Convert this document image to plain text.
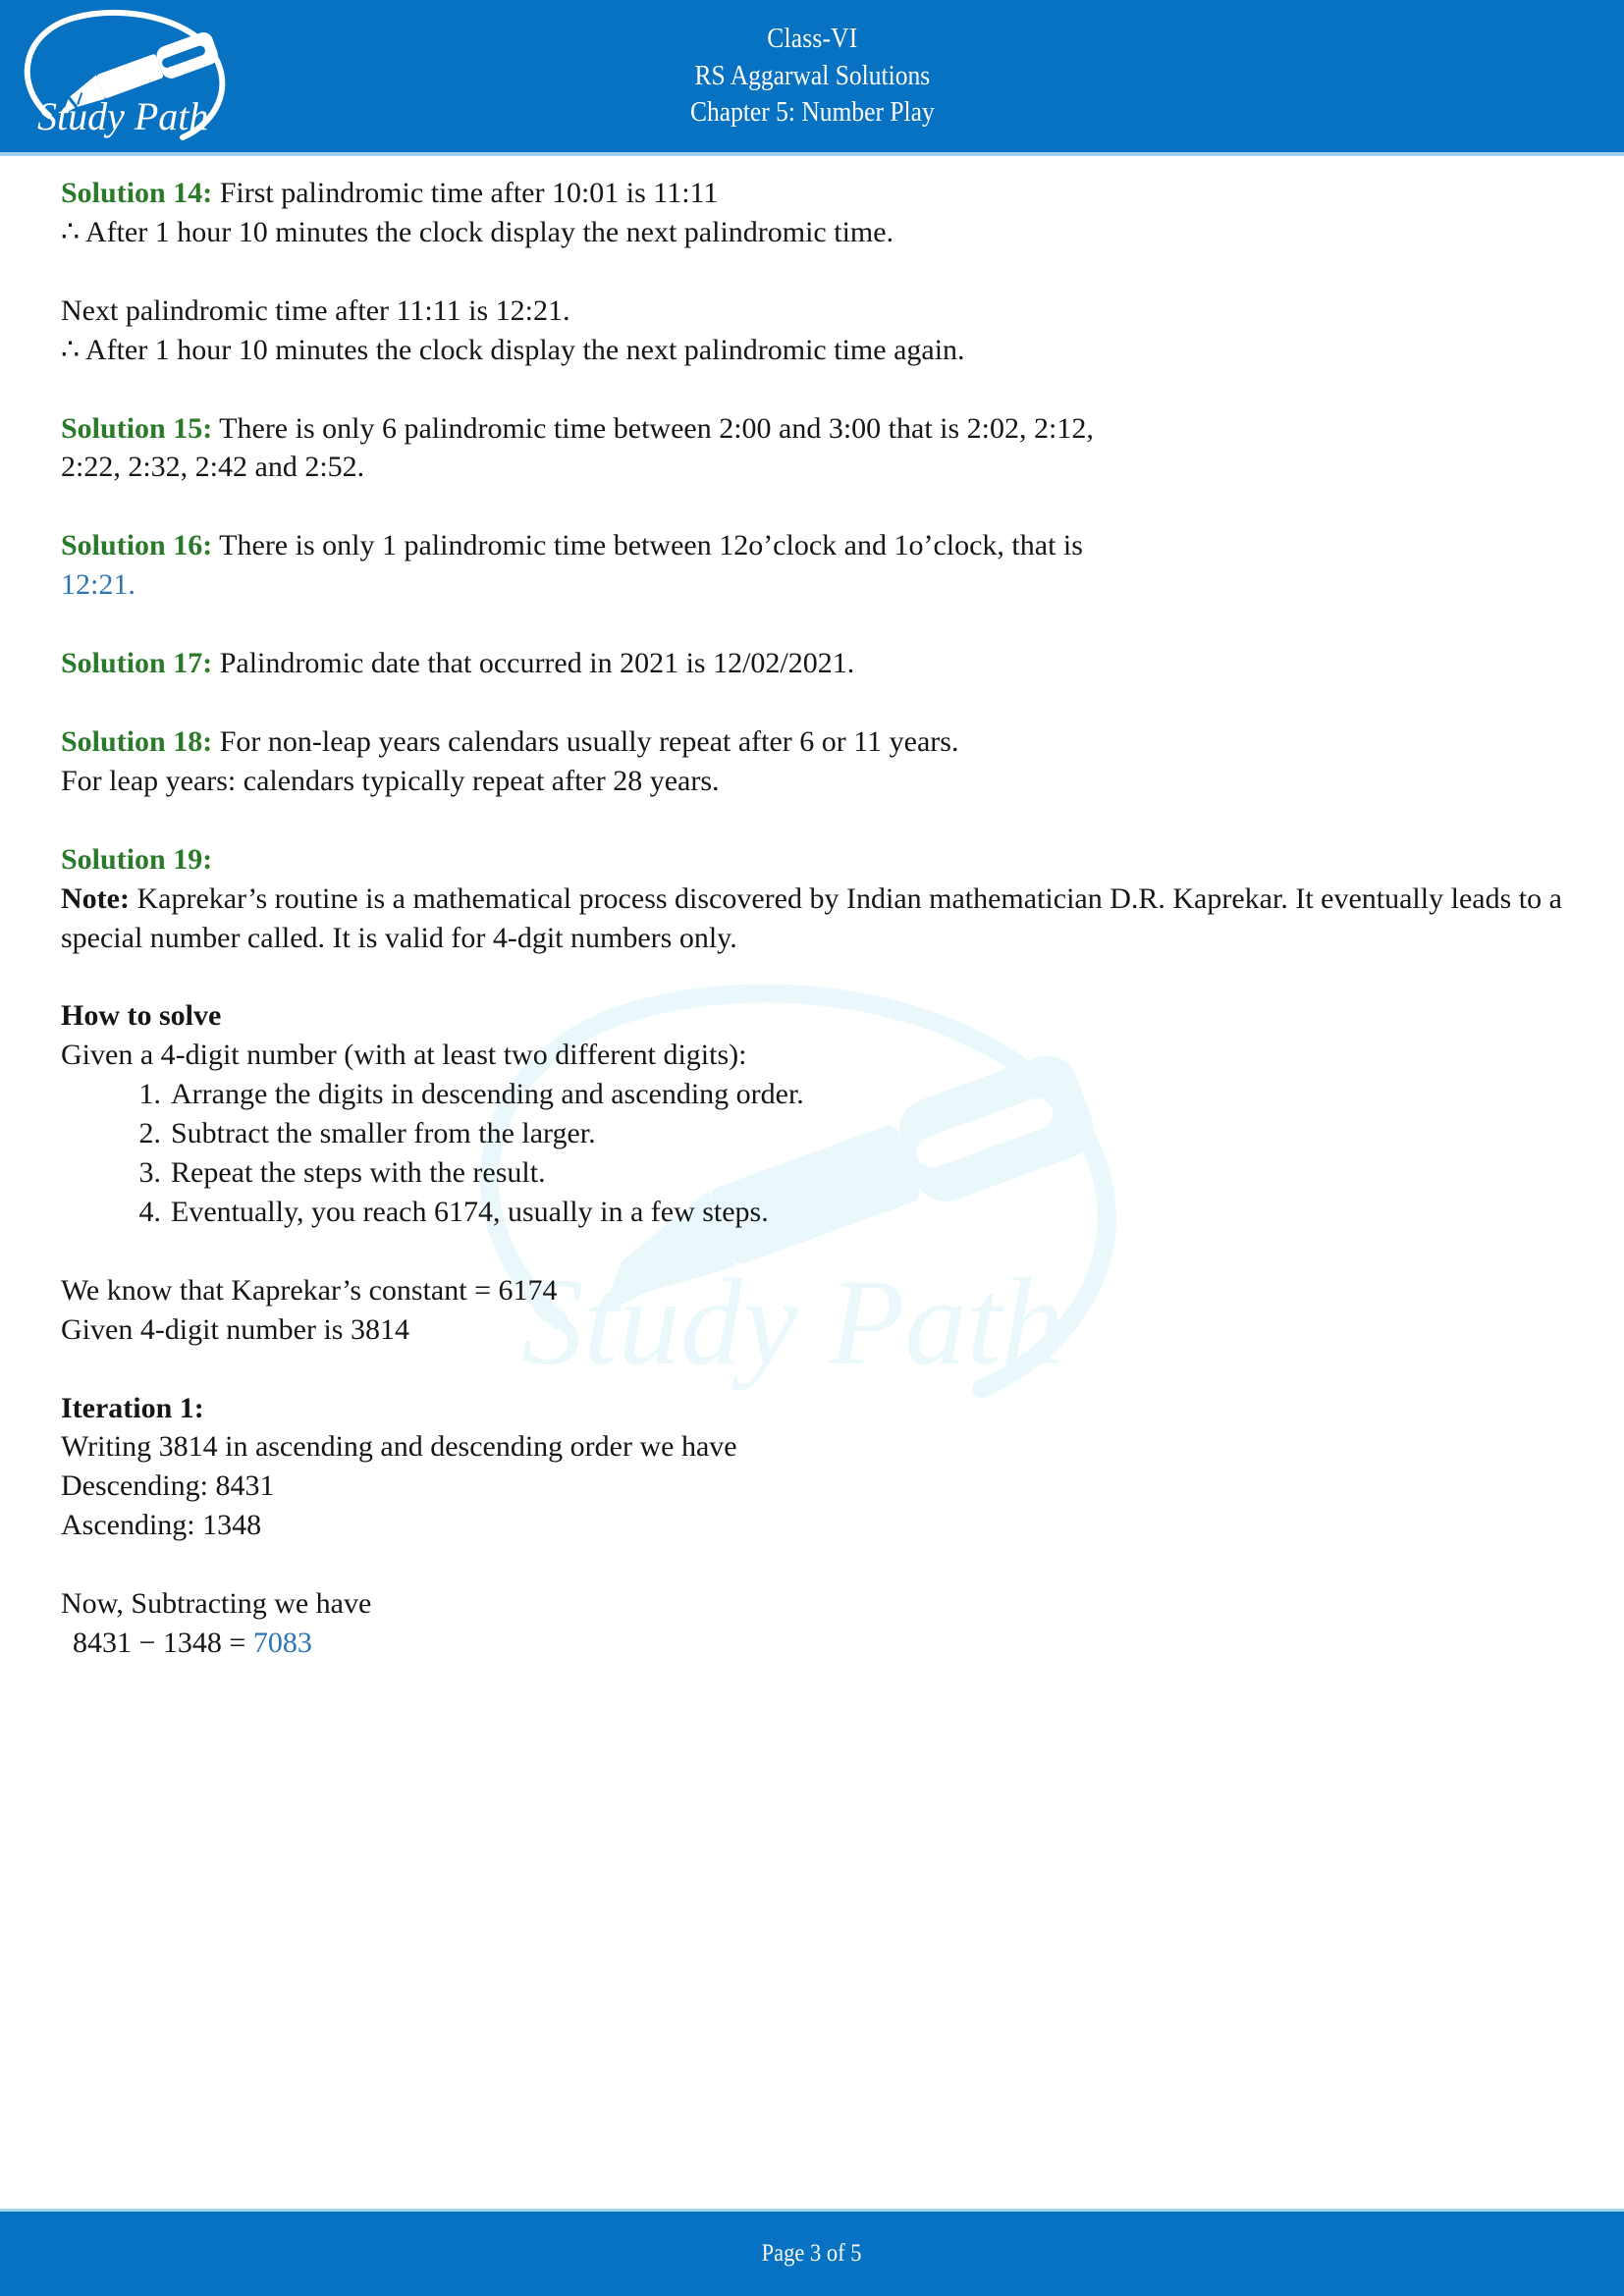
Study Path
Class-VI
RS Aggarwal Solutions
Chapter 5: Number Play
Study Path

Solution 14: First palindromic time after 10:01 is 11:11

∴ After 1 hour 10 minutes the clock display the next palindromic time.

Next palindromic time after 11:11 is 12:21.

∴ After 1 hour 10 minutes the clock display the next palindromic time again.

Solution 15: There is only 6 palindromic time between 2:00 and 3:00 that is 2:02, 2:12,

2:22, 2:32, 2:42 and 2:52.

Solution 16: There is only 1 palindromic time between 12o’clock and 1o’clock, that is

12:21.

Solution 17: Palindromic date that occurred in 2021 is 12/02/2021.

Solution 18: For non-leap years calendars usually repeat after 6 or 11 years.

For leap years: calendars typically repeat after 28 years.

Solution 19:

Note: Kaprekar’s routine is a mathematical process discovered by Indian mathematician D.R. Kaprekar. It eventually leads to a special number called. It is valid for 4-dgit numbers only.

How to solve

Given a 4-digit number (with at least two different digits):

Arrange the digits in descending and ascending order.
Subtract the smaller from the larger.
Repeat the steps with the result.
Eventually, you reach 6174, usually in a few steps.

We know that Kaprekar’s constant = 6174

Given 4-digit number is 3814

Iteration 1:

Writing 3814 in ascending and descending order we have

Descending: 8431

Ascending: 1348

Now, Subtracting we have

8431 − 1348 = 7083

Page 3 of 5
